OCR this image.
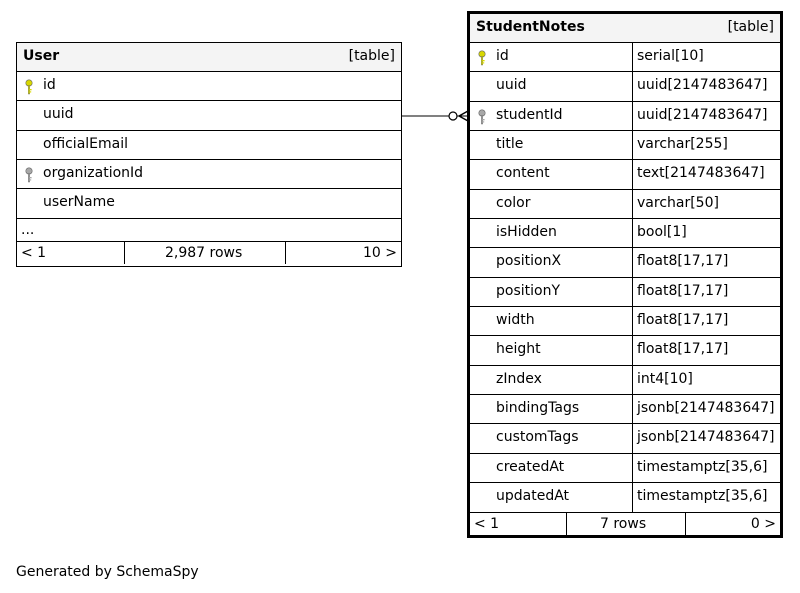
User	[table]
id
uuid
officialEmail
organizationId
userName
...
< 1	2,987 rows	10 >
StudentNotes	[table]
id	serial[10]
uuid	uuid[2147483647]
studentId	uuid[2147483647]
title	varchar[255]
content	text[2147483647]
color	varchar[50]
isHidden	bool[1]
positionX	float8[17,17]
positionY	float8[17,17]
width	float8[17,17]
height	float8[17,17]
zIndex	int4[10]
bindingTags	jsonb[2147483647]
customTags	jsonb[2147483647]
createdAt	timestamptz[35,6]
updatedAt	timestamptz[35,6]
< 1	7 rows	0 >
Generated by SchemaSpy
